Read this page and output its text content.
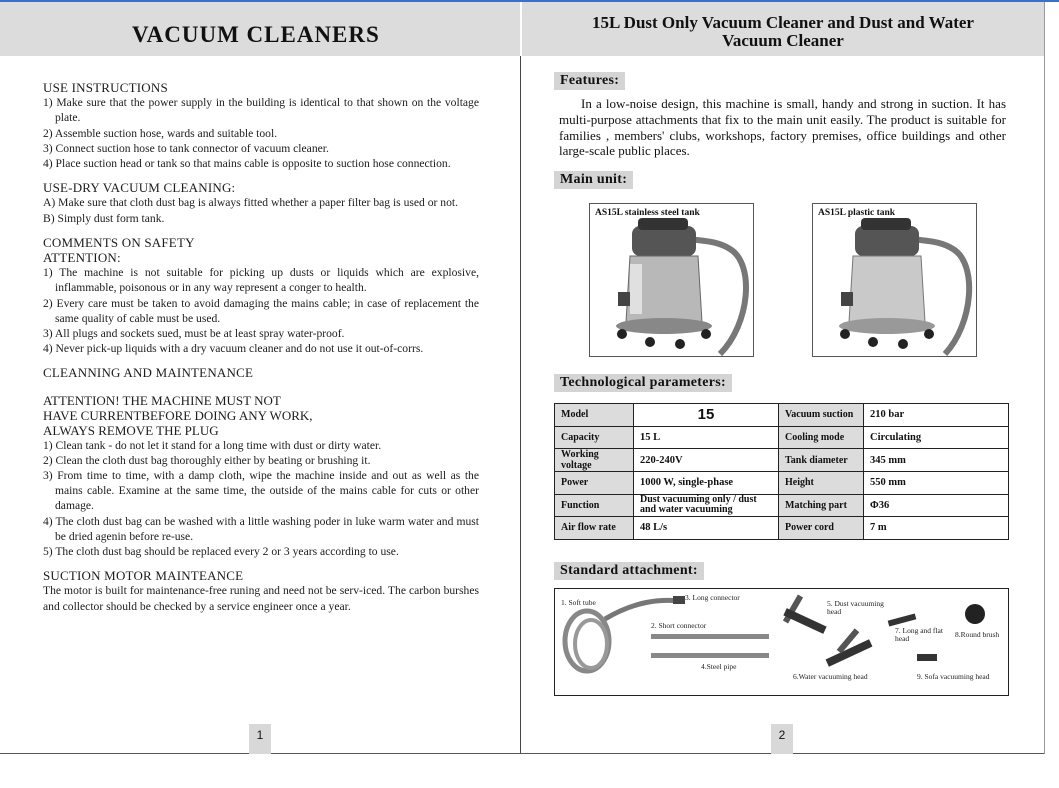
VACUUM CLEANERS	15L Dust Only Vacuum Cleaner and Dust and Water
Vacuum Cleaner
USE INSTRUCTIONS
1) Make sure that the power supply in the building is identical to that shown on the voltage plate.
2) Assemble suction hose, wards and suitable tool.
3) Connect suction hose to tank connector of vacuum cleaner.
4) Place suction head or tank so that mains cable is opposite to suction hose connection.
USE-DRY VACUUM CLEANING:
A) Make sure that cloth dust bag is always fitted whether a paper filter bag is used or not.
B) Simply dust form tank.
COMMENTS ON SAFETY
ATTENTION:
1) The machine is not suitable for picking up dusts or liquids which are explosive, inflammable, poisonous or in any way represent a conger to health.
2) Every care must be taken to avoid damaging the mains cable; in case of replacement the same quality of cable must be used.
3) All plugs and sockets sued, must be at least spray water-proof.
4) Never pick-up liquids with a dry vacuum cleaner and do not use it out-of-corrs.
CLEANNING AND MAINTENANCE
ATTENTION! THE MACHINE MUST NOT
HAVE CURRENTBEFORE DOING ANY WORK,
ALWAYS REMOVE THE PLUG
1) Clean tank - do not let it stand for a long time with dust or dirty water.
2) Clean the cloth dust bag thoroughly either by beating or brushing it.
3) From time to time, with a damp cloth, wipe the machine inside and out as well as the mains cable. Examine at the same time, the outside of the mains cable for cuts or other damage.
4) The cloth dust bag can be washed with a little washing poder in luke warm water and must be dried agenin before re-use.
5) The cloth dust bag should be replaced every 2 or 3 years according to use.
SUCTION MOTOR MAINTEANCE
The motor is built for maintenance-free runing and need not be serv-iced. The carbon burshes and collector should be checked by a service engineer once a year.
Features:
In a low-noise design, this machine is small, handy and strong in suction. It has multi-purpose attachments that fix to the main unit easily. The product is suitable for families , members' clubs, workshops, factory premises, office buildings and other large-scale public places.
Main unit:
AS15L stainless steel tank	AS15L plastic tank
Technological parameters:
Model	15	Vacuum suction	210 bar
Capacity	15 L	Cooling mode	Circulating
Working voltage	220-240V	Tank diameter	345 mm
Power	1000 W, single-phase	Height	550 mm
Function	Dust vacuuming only / dust and water vacuuming	Matching part	Φ36
Air flow rate	48 L/s	Power cord	7 m
Standard attachment:
1. Soft tube
3. Long connector
2. Short connector
4.Steel pipe
5. Dust vacuuming head
7. Long and flat head	8.Round brush
6.Water vacuuming head	9. Sofa vacuuming head
1	2
